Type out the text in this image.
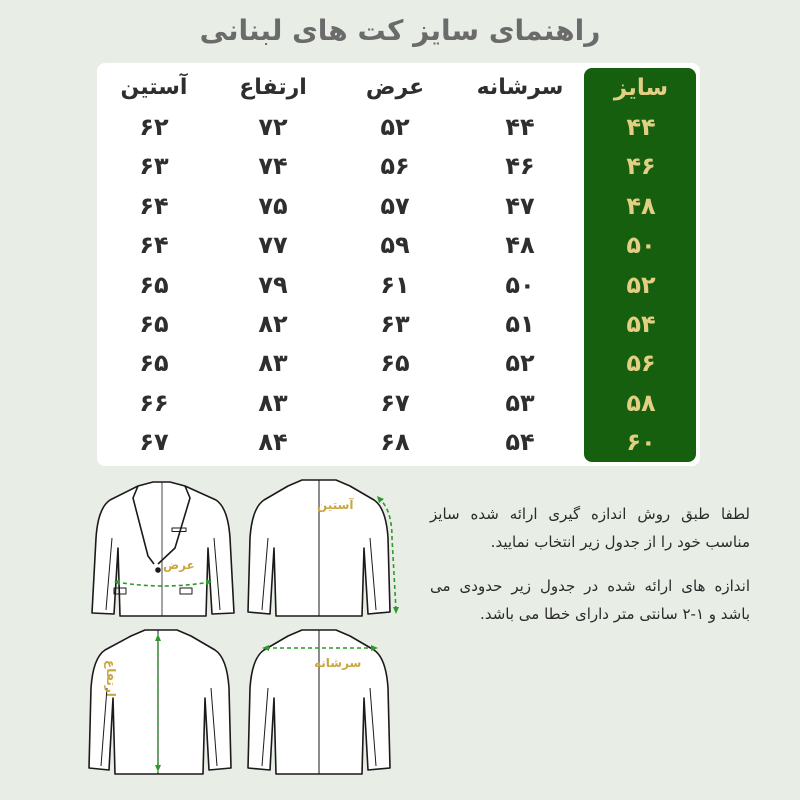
راهنمای سایز کت های لبنانی
سایز
سرشانه
عرض
ارتفاع
آستین
۴۴
۴۴
۵۲
۷۲
۶۲
۴۶
۴۶
۵۶
۷۴
۶۳
۴۸
۴۷
۵۷
۷۵
۶۴
۵۰
۴۸
۵۹
۷۷
۶۴
۵۲
۵۰
۶۱
۷۹
۶۵
۵۴
۵۱
۶۳
۸۲
۶۵
۵۶
۵۲
۶۵
۸۳
۶۵
۵۸
۵۳
۶۷
۸۳
۶۶
۶۰
۵۴
۶۸
۸۴
۶۷

لطفا طبق روش اندازه گیری ارائه شده سایز مناسب خود را از جدول زیر انتخاب نمایید.

اندازه های ارائه شده در جدول زیر حدودی می باشد و ۱-۲ سانتی متر دارای خطا می باشد.

عرض
آستین
ارتفاع	سرشانه
